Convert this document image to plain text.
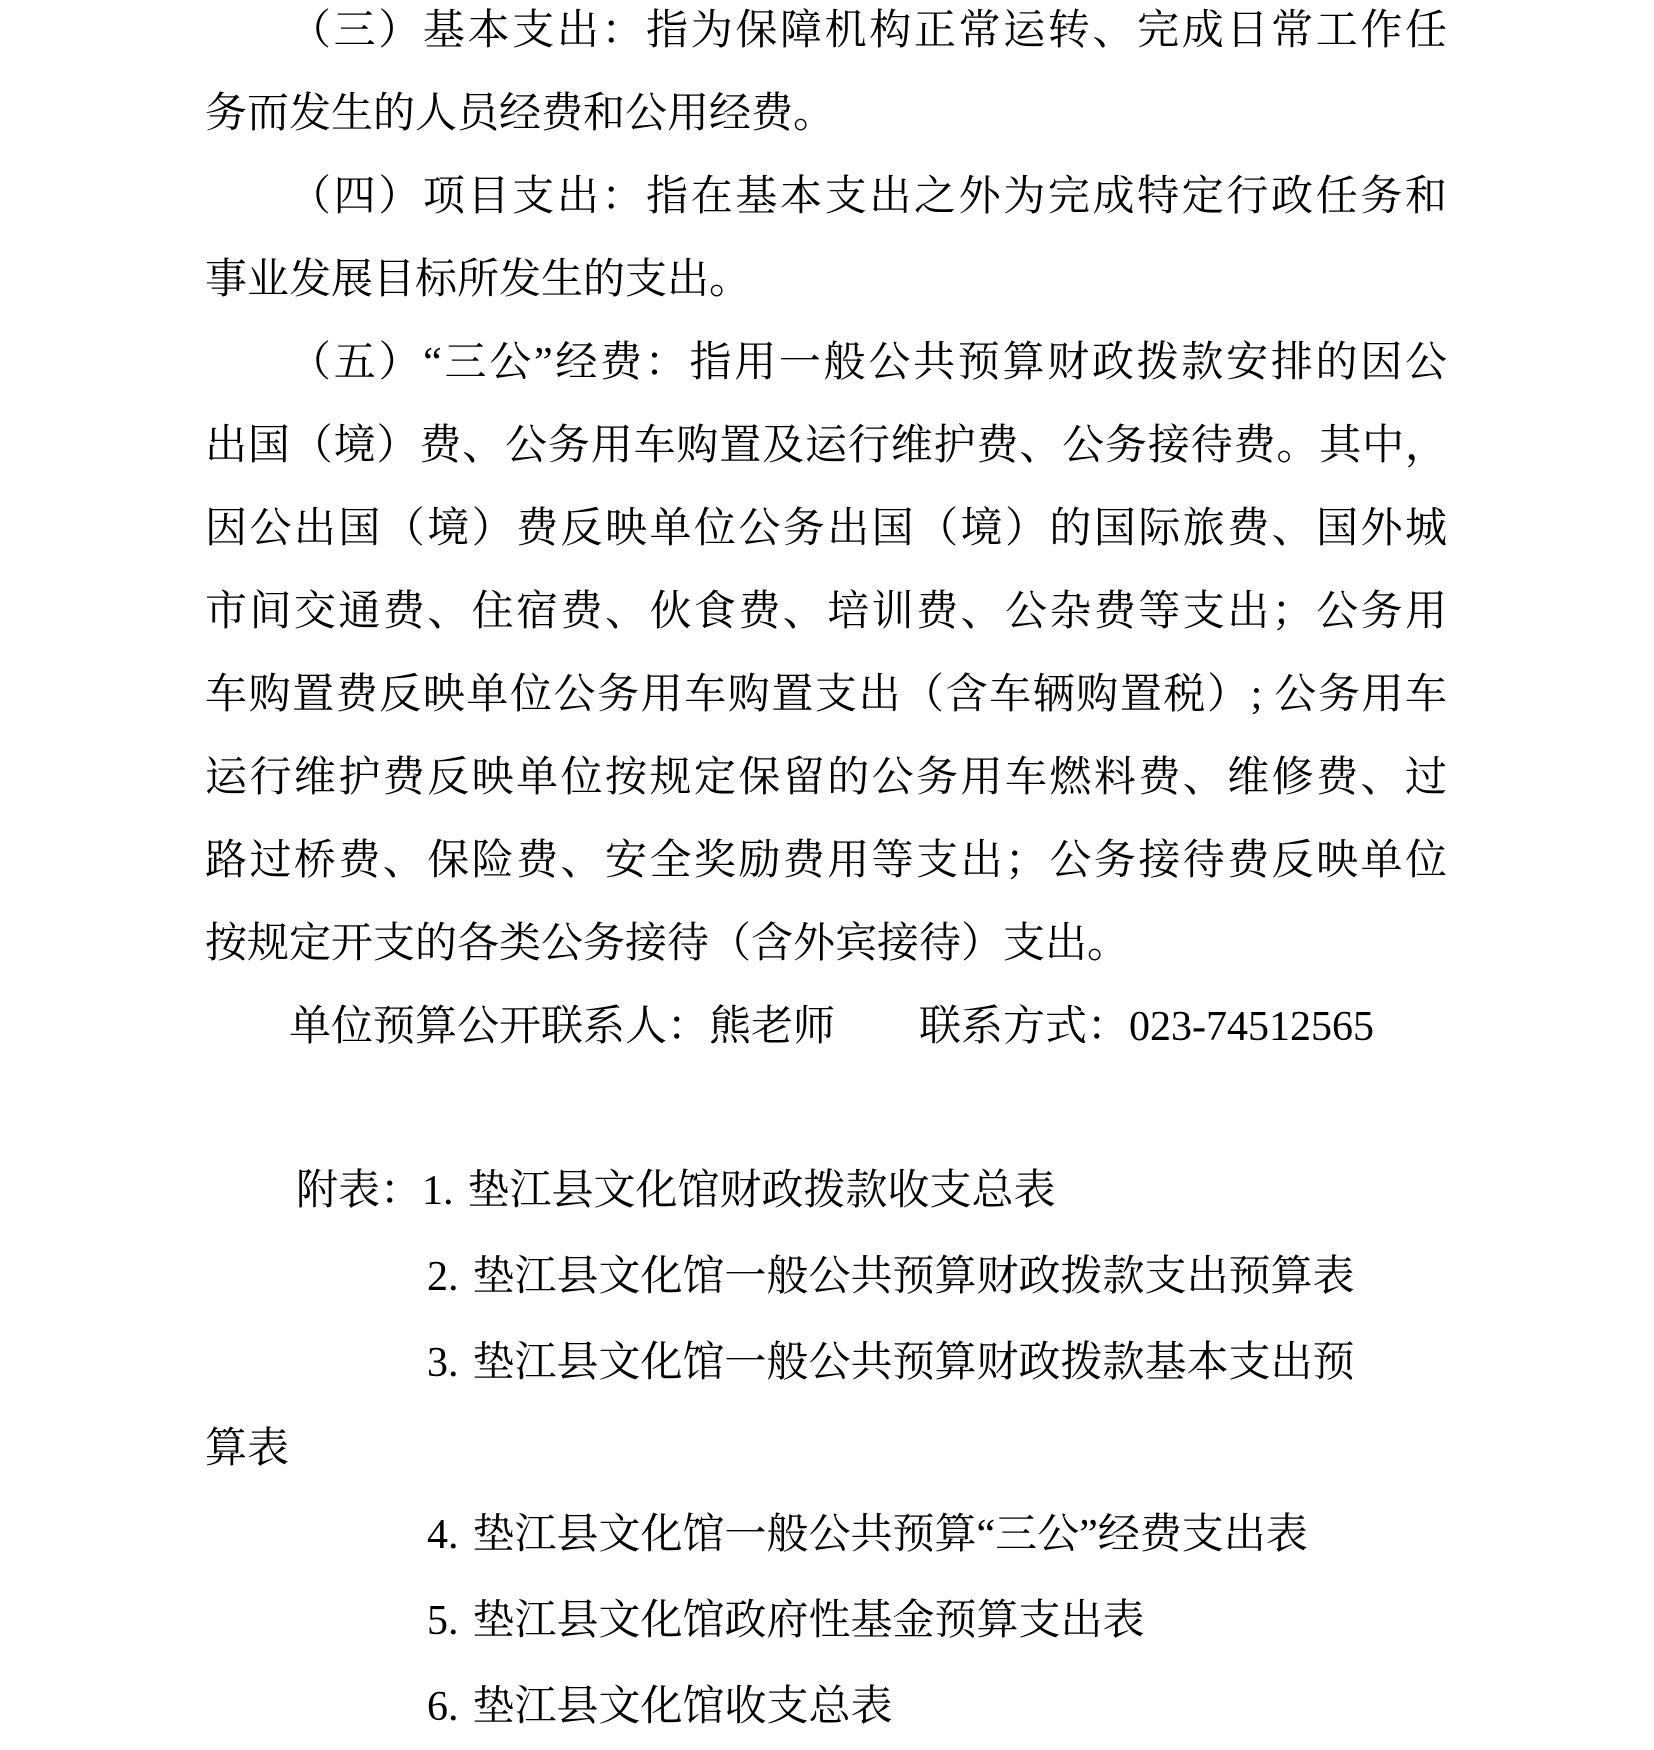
（三）基本支出：指为保障机构正常运转、完成日常工作任
务而发生的人员经费和公用经费。
（四）项目支出：指在基本支出之外为完成特定行政任务和
事业发展目标所发生的支出。
（五）“三公”经费：指用一般公共预算财政拨款安排的因公
出国（境）费、公务用车购置及运行维护费、公务接待费。其中，
因公出国（境）费反映单位公务出国（境）的国际旅费、国外城
市间交通费、住宿费、伙食费、培训费、公杂费等支出；公务用
车购置费反映单位公务用车购置支出（含车辆购置税）; 公务用车
运行维护费反映单位按规定保留的公务用车燃料费、维修费、过
路过桥费、保险费、安全奖励费用等支出；公务接待费反映单位
按规定开支的各类公务接待（含外宾接待）支出。
单位预算公开联系人：熊老师 联系方式：023-74512565
附表：1. 垫江县文化馆财政拨款收支总表
2. 垫江县文化馆一般公共预算财政拨款支出预算表
3. 垫江县文化馆一般公共预算财政拨款基本支出预
算表
4. 垫江县文化馆一般公共预算“三公”经费支出表
5. 垫江县文化馆政府性基金预算支出表
6. 垫江县文化馆收支总表
